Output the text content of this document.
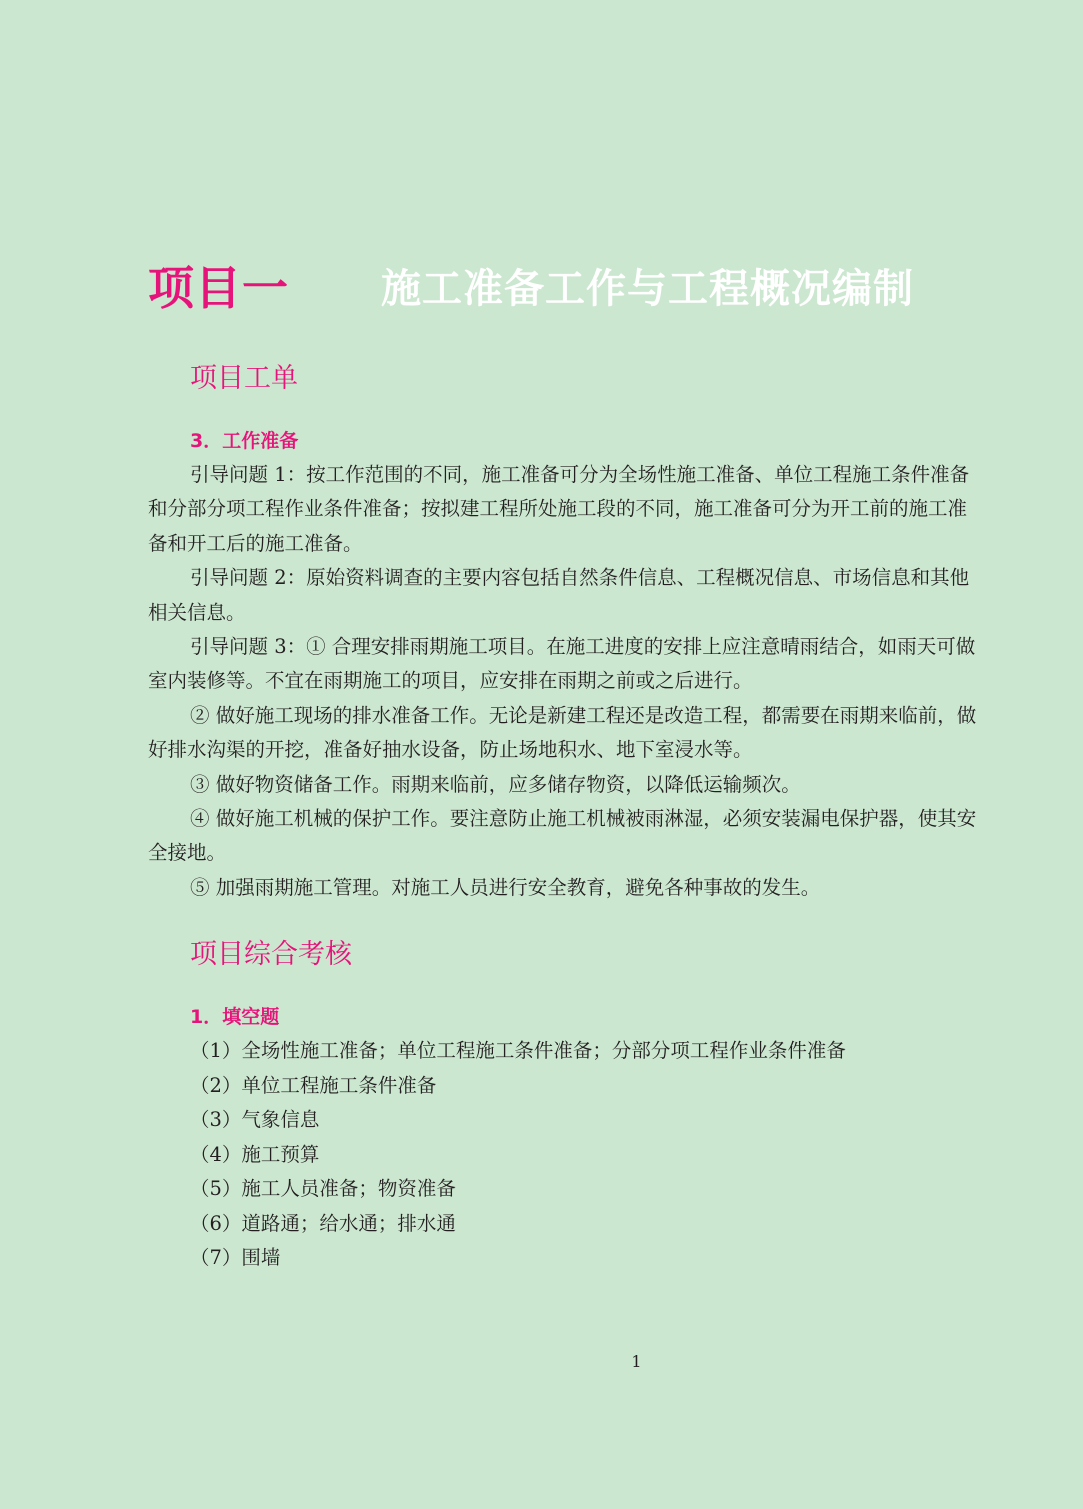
项目一 施工准备工作与工程概况编制
项目工单
3．工作准备

引导问题 1：按工作范围的不同，施工准备可分为全场性施工准备、单位工程施工条件准备和分部分项工程作业条件准备；按拟建工程所处施工段的不同，施工准备可分为开工前的施工准备和开工后的施工准备。

引导问题 2：原始资料调查的主要内容包括自然条件信息、工程概况信息、市场信息和其他相关信息。

引导问题 3：① 合理安排雨期施工项目。在施工进度的安排上应注意晴雨结合，如雨天可做室内装修等。不宜在雨期施工的项目，应安排在雨期之前或之后进行。

② 做好施工现场的排水准备工作。无论是新建工程还是改造工程，都需要在雨期来临前，做好排水沟渠的开挖，准备好抽水设备，防止场地积水、地下室浸水等。

③ 做好物资储备工作。雨期来临前，应多储存物资，以降低运输频次。

④ 做好施工机械的保护工作。要注意防止施工机械被雨淋湿，必须安装漏电保护器，使其安全接地。

⑤ 加强雨期施工管理。对施工人员进行安全教育，避免各种事故的发生。

项目综合考核
1．填空题
（1）全场性施工准备；单位工程施工条件准备；分部分项工程作业条件准备
（2）单位工程施工条件准备
（3）气象信息
（4）施工预算
（5）施工人员准备；物资准备
（6）道路通；给水通；排水通
（7）围墙
1
